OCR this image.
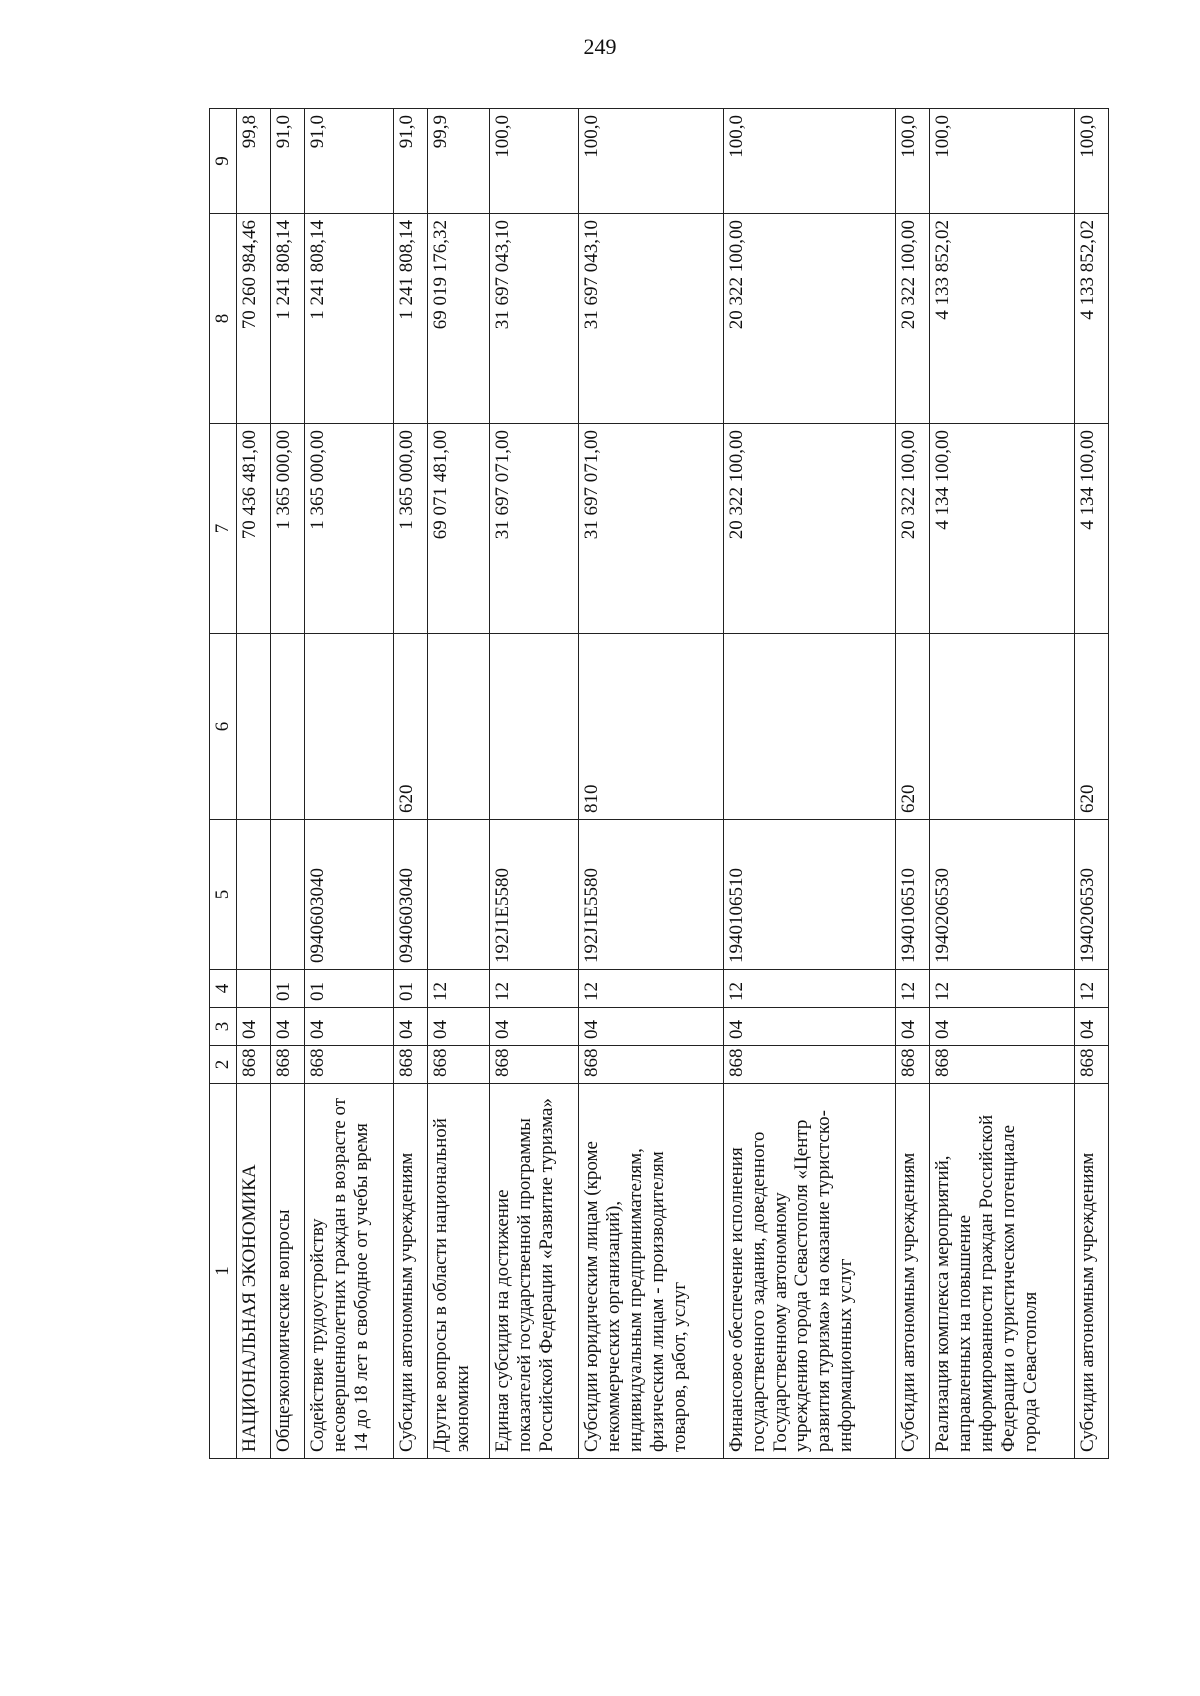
249
1	2	3	4	5	6	7	8	9
НАЦИОНАЛЬНАЯ ЭКОНОМИКА	868	04				70 436 481,00	70 260 984,46	99,8
Общеэкономические вопросы	868	04	01			1 365 000,00	1 241 808,14	91,0
Содействие трудоустройству несовершеннолетних граждан в возрасте от 14 до 18 лет в свободное от учебы время	868	04	01	0940603040		1 365 000,00	1 241 808,14	91,0
Субсидии автономным учреждениям	868	04	01	0940603040	620	1 365 000,00	1 241 808,14	91,0
Другие вопросы в области национальной экономики	868	04	12			69 071 481,00	69 019 176,32	99,9
Единая субсидия на достижение показателей государственной программы Российской Федерации «Развитие туризма»	868	04	12	192J1E5580		31 697 071,00	31 697 043,10	100,0
Субсидии юридическим лицам (кроме некоммерческих организаций), индивидуальным предпринимателям, физическим лицам - производителям товаров, работ, услуг	868	04	12	192J1E5580	810	31 697 071,00	31 697 043,10	100,0
Финансовое обеспечение исполнения государственного задания, доведенного Государственному автономному учреждению города Севастополя «Центр развития туризма» на оказание туристско-информационных услуг	868	04	12	1940106510		20 322 100,00	20 322 100,00	100,0
Субсидии автономным учреждениям	868	04	12	1940106510	620	20 322 100,00	20 322 100,00	100,0
Реализация комплекса мероприятий, направленных на повышение информированности граждан Российской Федерации о туристическом потенциале города Севастополя	868	04	12	1940206530		4 134 100,00	4 133 852,02	100,0
Субсидии автономным учреждениям	868	04	12	1940206530	620	4 134 100,00	4 133 852,02	100,0
